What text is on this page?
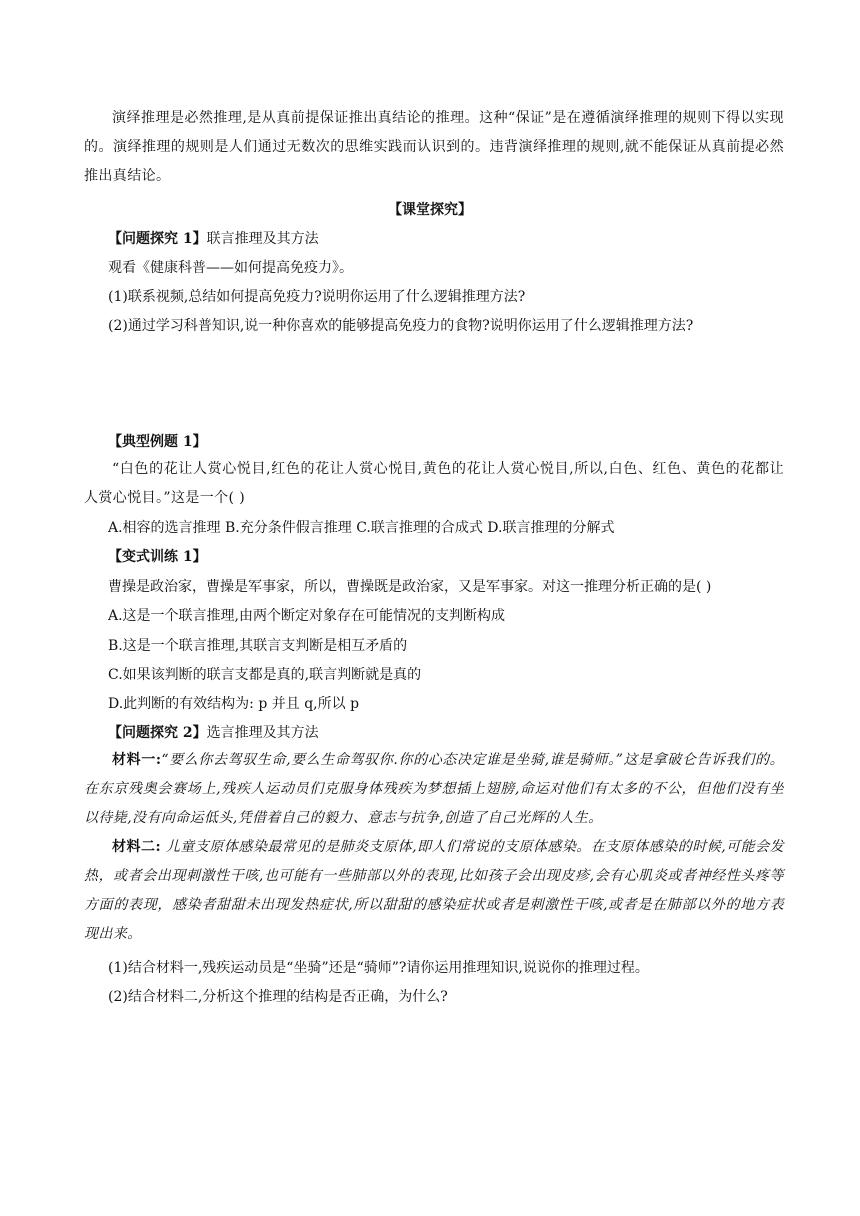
演绎推理是必然推理,是从真前提保证推出真结论的推理。这种“保证”是在遵循演绎推理的规则下得以实现的。演绎推理的规则是人们通过无数次的思维实践而认识到的。违背演绎推理的规则,就不能保证从真前提必然推出真结论。

【课堂探究】

【问题探究 1】联言推理及其方法

观看《健康科普——如何提高免疫力》。

(1)联系视频,总结如何提高免疫力?说明你运用了什么逻辑推理方法?

(2)通过学习科普知识,说一种你喜欢的能够提高免疫力的食物?说明你运用了什么逻辑推理方法?

【典型例题 1】

“白色的花让人赏心悦目,红色的花让人赏心悦目,黄色的花让人赏心悦目,所以,白色、红色、黄色的花都让人赏心悦目。”这是一个( )

A.相容的选言推理 B.充分条件假言推理 C.联言推理的合成式 D.联言推理的分解式

【变式训练 1】

曹操是政治家，曹操是军事家，所以，曹操既是政治家，又是军事家。对这一推理分析正确的是( )

A.这是一个联言推理,由两个断定对象存在可能情况的支判断构成

B.这是一个联言推理,其联言支判断是相互矛盾的

C.如果该判断的联言支都是真的,联言判断就是真的

D.此判断的有效结构为: p 并且 q,所以 p

【问题探究 2】选言推理及其方法

材料一:“要么你去驾驭生命,要么生命驾驭你.你的心态决定谁是坐骑,谁是骑师。”这是拿破仑告诉我们的。在东京残奥会赛场上,残疾人运动员们克服身体残疾为梦想插上翅膀,命运对他们有太多的不公，但他们没有坐以待毙,没有向命运低头,凭借着自己的毅力、意志与抗争,创造了自己光辉的人生。

材料二: 儿童支原体感染最常见的是肺炎支原体,即人们常说的支原体感染。在支原体感染的时候,可能会发热，或者会出现刺激性干咳,也可能有一些肺部以外的表现,比如孩子会出现皮疹,会有心肌炎或者神经性头疼等方面的表现，感染者甜甜未出现发热症状,所以甜甜的感染症状或者是刺激性干咳,或者是在肺部以外的地方表现出来。

(1)结合材料一,残疾运动员是“坐骑”还是“骑师”?请你运用推理知识,说说你的推理过程。

(2)结合材料二,分析这个推理的结构是否正确，为什么?
